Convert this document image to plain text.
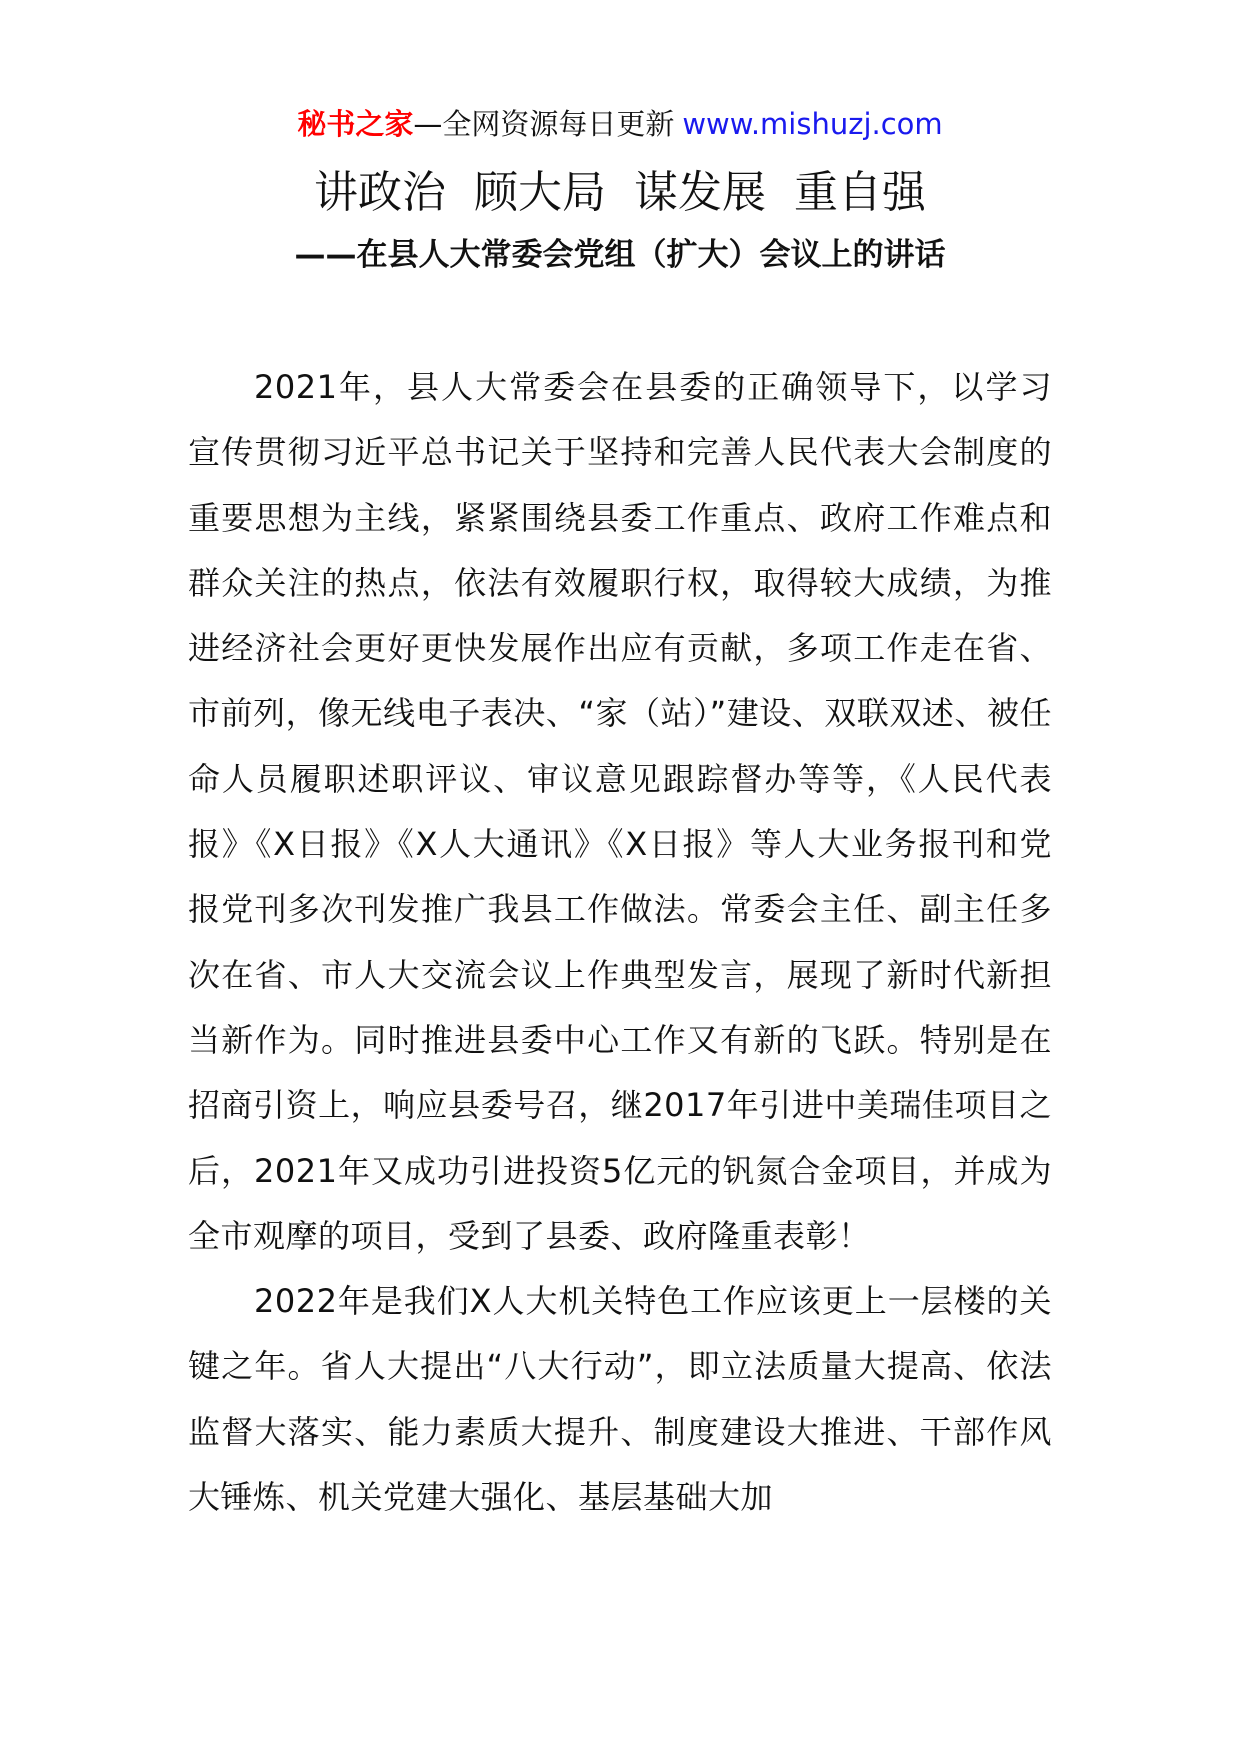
秘书之家—全网资源每日更新 www.mishuzj.com
讲政治 顾大局 谋发展 重自强
——在县人大常委会党组（扩大）会议上的讲话

2021年，县人大常委会在县委的正确领导下，以学习宣传贯彻习近平总书记关于坚持和完善人民代表大会制度的重要思想为主线，紧紧围绕县委工作重点、政府工作难点和群众关注的热点，依法有效履职行权，取得较大成绩，为推进经济社会更好更快发展作出应有贡献，多项工作走在省、市前列，像无线电子表决、“家（站）”建设、双联双述、被任命人员履职述职评议、审议意见跟踪督办等等，《人民代表报》《X日报》《X人大通讯》《X日报》等人大业务报刊和党报党刊多次刊发推广我县工作做法。常委会主任、副主任多次在省、市人大交流会议上作典型发言，展现了新时代新担当新作为。同时推进县委中心工作又有新的飞跃。特别是在招商引资上，响应县委号召，继2017年引进中美瑞佳项目之后，2021年又成功引进投资5亿元的钒氮合金项目，并成为全市观摩的项目，受到了县委、政府隆重表彰！

2022年是我们X人大机关特色工作应该更上一层楼的关键之年。省人大提出“八大行动”，即立法质量大提高、依法监督大落实、能力素质大提升、制度建设大推进、干部作风大锤炼、机关党建大强化、基层基础大加
